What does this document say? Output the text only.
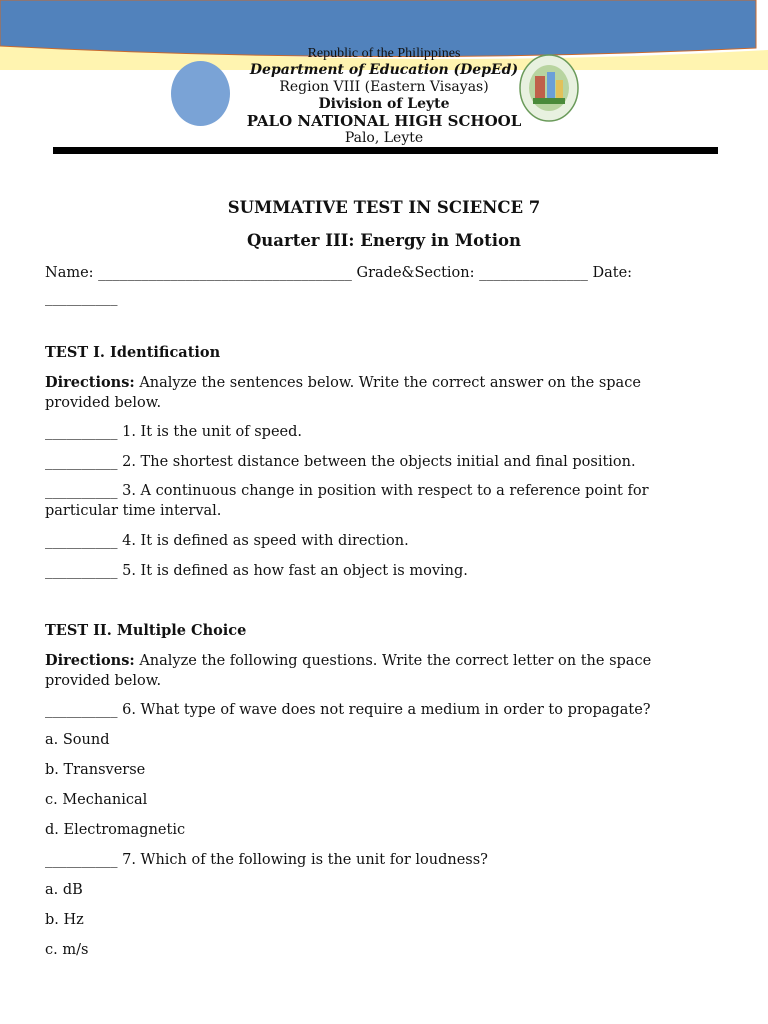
Republic of the Philippines
Department of Education (DepEd)
Region VIII (Eastern Visayas)
Division of Leyte
PALO NATIONAL HIGH SCHOOL
Palo, Leyte
SUMMATIVE TEST IN SCIENCE 7
Quarter III: Energy in Motion
Name: ___________________________________ Grade&Section: _______________ Date:
__________
TEST I. Identification
Directions: Analyze the sentences below. Write the correct answer on the space provided below.
__________ 1. It is the unit of speed.
__________ 2. The shortest distance between the objects initial and final position.
__________ 3. A continuous change in position with respect to a reference point for particular time interval.
__________ 4. It is defined as speed with direction.
__________ 5. It is defined as how fast an object is moving.
TEST II. Multiple Choice
Directions: Analyze the following questions. Write the correct letter on the space provided below.
__________ 6. What type of wave does not require a medium in order to propagate?
a. Sound
b. Transverse
c. Mechanical
d. Electromagnetic
__________ 7. Which of the following is the unit for loudness?
a. dB
b. Hz
c. m/s
